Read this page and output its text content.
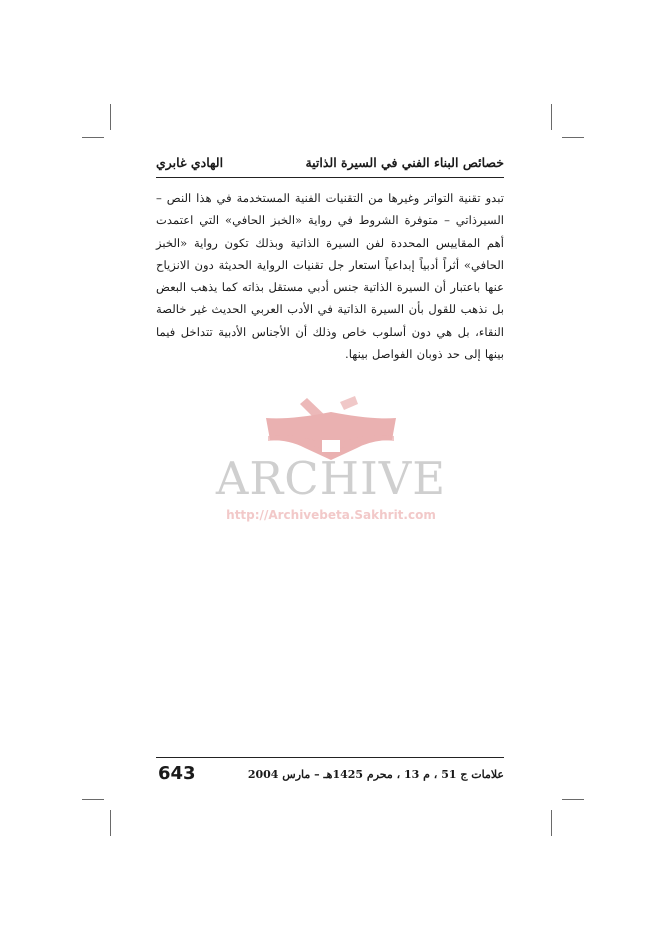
خصائص البناء الفني في السيرة الذاتية
الهادي غابري
تبدو تقنية التواتر وغيرها من التقنيات الفنية المستخدمة في هذا النص – السيرذاتي – متوفرة الشروط في رواية «الخبز الحافي» التي اعتمدت أهم المقاييس المحددة لفن السيرة الذاتية وبذلك تكون رواية «الخبز الحافي» أثراً أدبياً إبداعياً استعار جل تقنيات الرواية الحديثة دون الانزياح عنها باعتبار أن السيرة الذاتية جنس أدبي مستقل بذاته كما يذهب البعض بل نذهب للقول بأن السيرة الذاتية في الأدب العربي الحديث غير خالصة النقاء، بل هي دون أسلوب خاص وذلك أن الأجناس الأدبية تتداخل فيما بينها إلى حد ذوبان الفواصل بينها.
ARCHIVE
http://Archivebeta.Sakhrit.com
643	علامات ج 51 ، م 13 ، محرم 1425هـ – مارس 2004
